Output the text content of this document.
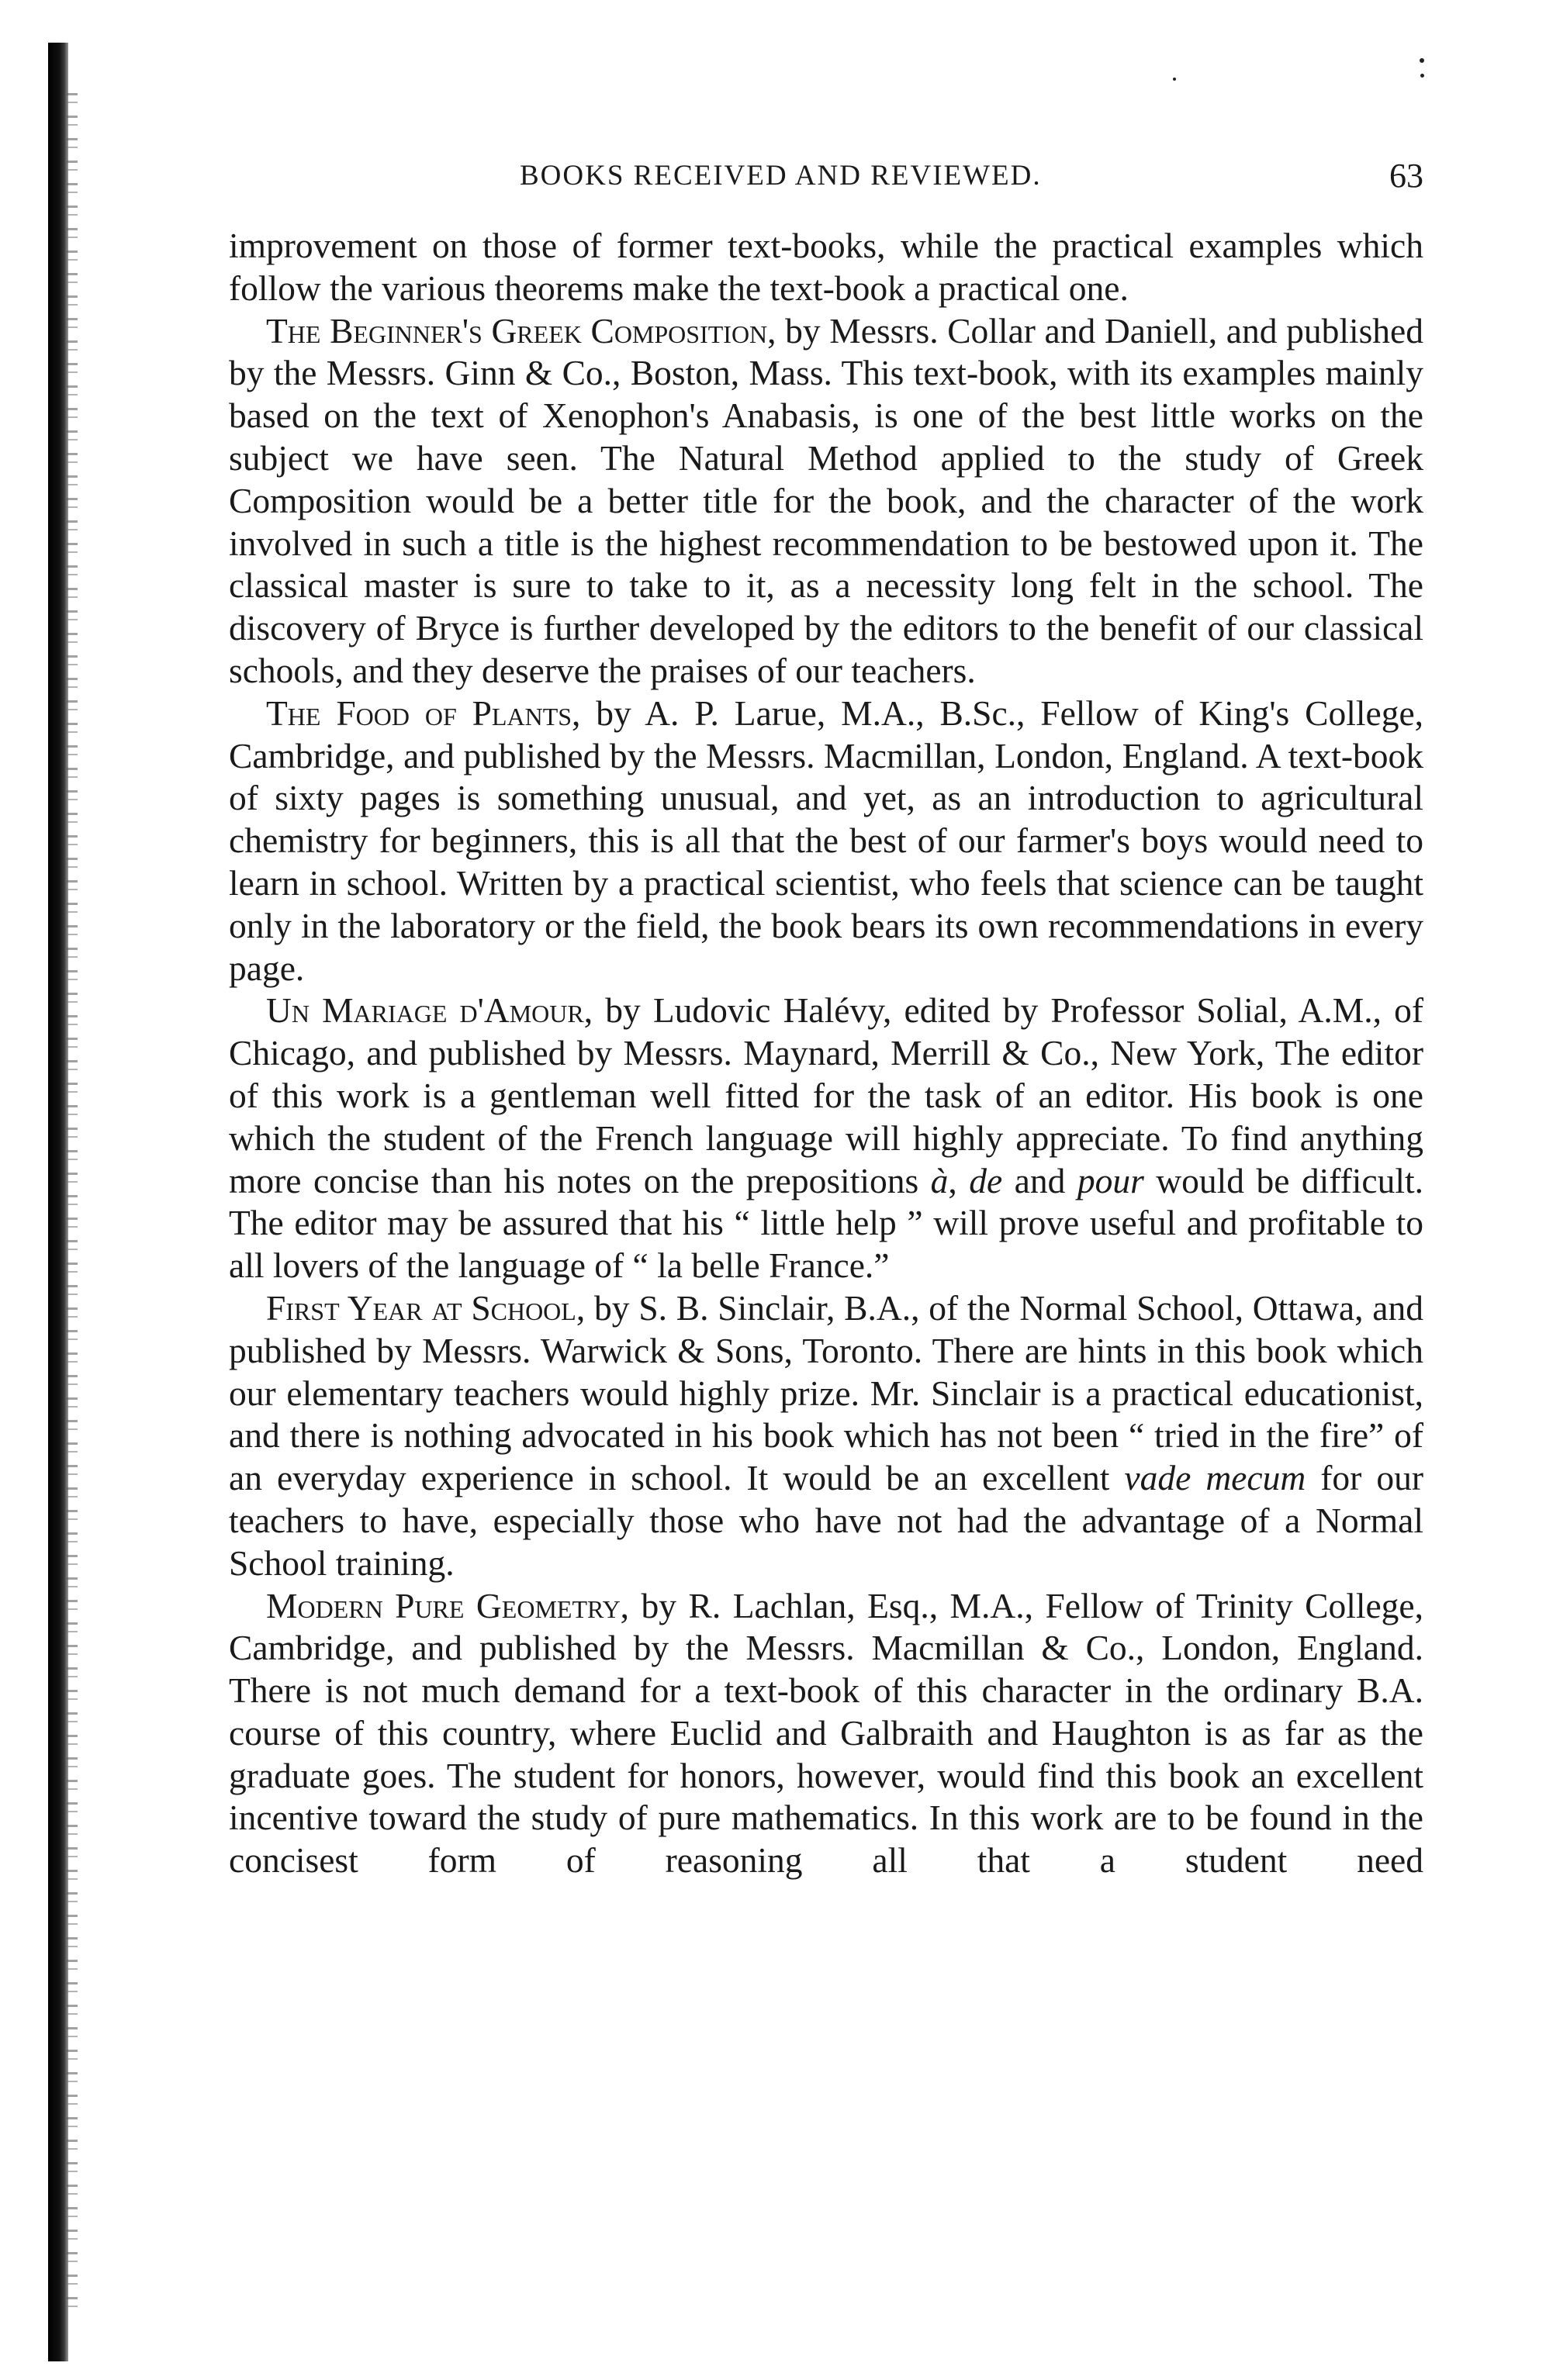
BOOKS RECEIVED AND REVIEWED.	63

improvement on those of former text-books, while the practical examples which follow the various theorems make the text-book a practical one.

The Beginner's Greek Composition, by Messrs. Collar and Daniell, and published by the Messrs. Ginn & Co., Boston, Mass. This text-book, with its examples mainly based on the text of Xenophon's Anabasis, is one of the best little works on the subject we have seen. The Natural Method applied to the study of Greek Composition would be a better title for the book, and the character of the work involved in such a title is the highest recommendation to be bestowed upon it. The classical master is sure to take to it, as a necessity long felt in the school. The discovery of Bryce is further developed by the editors to the benefit of our classical schools, and they deserve the praises of our teachers.

The Food of Plants, by A. P. Larue, M.A., B.Sc., Fellow of King's College, Cambridge, and published by the Messrs. Macmillan, London, England. A text-book of sixty pages is something unusual, and yet, as an introduction to agricultural chemistry for beginners, this is all that the best of our farmer's boys would need to learn in school. Written by a practical scientist, who feels that science can be taught only in the laboratory or the field, the book bears its own recommendations in every page.

Un Mariage d'Amour, by Ludovic Halévy, edited by Professor Solial, A.M., of Chicago, and published by Messrs. Maynard, Merrill & Co., New York, The editor of this work is a gentleman well fitted for the task of an editor. His book is one which the student of the French language will highly appreciate. To find anything more concise than his notes on the prepositions à, de and pour would be difficult. The editor may be assured that his “ little help ” will prove useful and profitable to all lovers of the language of “ la belle France.”

First Year at School, by S. B. Sinclair, B.A., of the Normal School, Ottawa, and published by Messrs. Warwick & Sons, Toronto. There are hints in this book which our elementary teachers would highly prize. Mr. Sinclair is a practical educationist, and there is nothing advocated in his book which has not been “ tried in the fire” of an everyday experience in school. It would be an excellent vade mecum for our teachers to have, especially those who have not had the advantage of a Normal School training.

Modern Pure Geometry, by R. Lachlan, Esq., M.A., Fellow of Trinity College, Cambridge, and published by the Messrs. Macmillan & Co., London, England. There is not much demand for a text-book of this character in the ordinary B.A. course of this country, where Euclid and Galbraith and Haughton is as far as the graduate goes. The student for honors, however, would find this book an excellent incentive toward the study of pure mathematics. In this work are to be found in the concisest form of reasoning all that a student need
